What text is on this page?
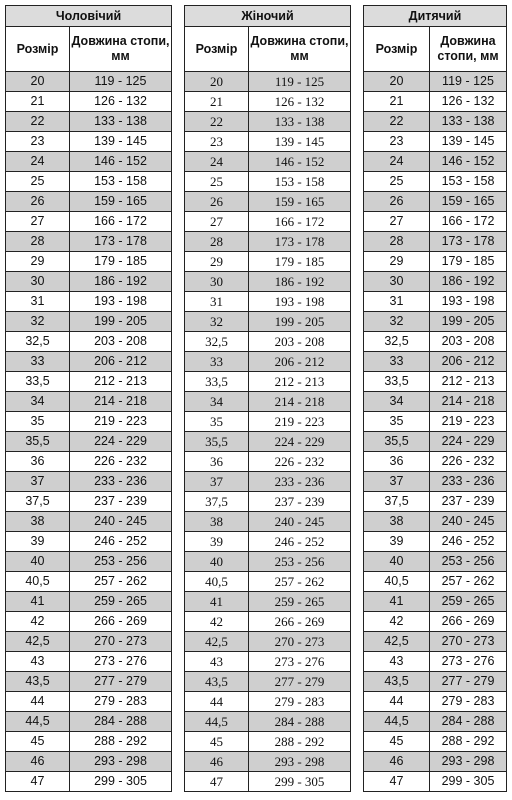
Чоловічий	
Розмір	Довжина стопи, мм
20	119 - 125
21	126 - 132
22	133 - 138
23	139 - 145
24	146 - 152
25	153 - 158
26	159 - 165
27	166 - 172
28	173 - 178
29	179 - 185
30	186 - 192
31	193 - 198
32	199 - 205
32,5	203 - 208
33	206 - 212
33,5	212 - 213
34	214 - 218
35	219 - 223
35,5	224 - 229
36	226 - 232
37	233 - 236
37,5	237 - 239
38	240 - 245
39	246 - 252
40	253 - 256
40,5	257 - 262
41	259 - 265
42	266 - 269
42,5	270 - 273
43	273 - 276
43,5	277 - 279
44	279 - 283
44,5	284 - 288
45	288 - 292
46	293 - 298
47	299 - 305
Жіночий	
Розмір	Довжина стопи, мм
20	119 - 125
21	126 - 132
22	133 - 138
23	139 - 145
24	146 - 152
25	153 - 158
26	159 - 165
27	166 - 172
28	173 - 178
29	179 - 185
30	186 - 192
31	193 - 198
32	199 - 205
32,5	203 - 208
33	206 - 212
33,5	212 - 213
34	214 - 218
35	219 - 223
35,5	224 - 229
36	226 - 232
37	233 - 236
37,5	237 - 239
38	240 - 245
39	246 - 252
40	253 - 256
40,5	257 - 262
41	259 - 265
42	266 - 269
42,5	270 - 273
43	273 - 276
43,5	277 - 279
44	279 - 283
44,5	284 - 288
45	288 - 292
46	293 - 298
47	299 - 305
Дитячий	
Розмір	Довжина стопи, мм
20	119 - 125
21	126 - 132
22	133 - 138
23	139 - 145
24	146 - 152
25	153 - 158
26	159 - 165
27	166 - 172
28	173 - 178
29	179 - 185
30	186 - 192
31	193 - 198
32	199 - 205
32,5	203 - 208
33	206 - 212
33,5	212 - 213
34	214 - 218
35	219 - 223
35,5	224 - 229
36	226 - 232
37	233 - 236
37,5	237 - 239
38	240 - 245
39	246 - 252
40	253 - 256
40,5	257 - 262
41	259 - 265
42	266 - 269
42,5	270 - 273
43	273 - 276
43,5	277 - 279
44	279 - 283
44,5	284 - 288
45	288 - 292
46	293 - 298
47	299 - 305
